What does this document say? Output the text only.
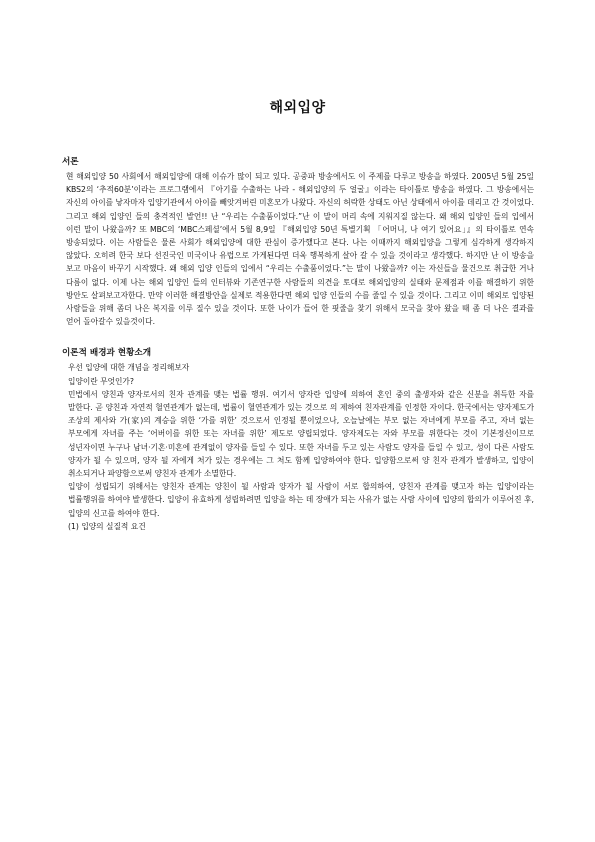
해외입양
서론

현 해외입양 50 사회에서 해외입양에 대해 이슈가 많이 되고 있다. 공중파 방송에서도 이 주제를 다루고 방송을 하였다. 2005년 5월 25일 KBS2의 ‘추적60분’이라는 프로그램에서 『아기를 수출하는 나라 - 해외입양의 두 얼굴』이라는 타이틀로 방송을 하였다. 그 방송에서는 자신의 아이를 낳자마자 입양기관에서 아이를 빼앗겨버린 미혼모가 나왔다. 자신의 허락한 상태도 아닌 상태에서 아이를 데리고 간 것이었다. 그리고 해외 입양인 들의 충격적인 발언!! 난 “우리는 수출품이었다.”난 이 말이 머리 속에 지워지질 않는다. 왜 해외 입양인 들의 입에서 이런 말이 나왔을까? 또 MBC의 ‘MBC스페셜’에서 5월 8,9일 『해외입양 50년 특별기획 「어머니, 나 여기 있어요」』의 타이틀로 연속 방송되었다. 이는 사람들은 물론 사회가 해외입양에 대한 관심이 증가했다고 본다. 나는 이때까지 해외입양을 그렇게 심각하게 생각하지 않았다. 오히려 한국 보다 선진국인 미국이나 유럽으로 가게된다면 더욱 행복하게 살아 갈 수 있을 것이라고 생각했다. 하지만 난 이 방송을 보고 마음이 바꾸기 시작했다. 왜 해외 입양 인들의 입에서 “우리는 수출품이었다.”는 말이 나왔을까? 이는 자신들을 물건으로 취급한 거나 다름이 없다. 이제 나는 해외 입양인 들의 인터뷰와 기존연구한 사람들의 의견을 토대로 해외입양의 실태와 문제점과 이를 해결하기 위한 방안도 살펴보고자한다. 만약 이러한 해결방안을 실제로 적용한다면 해외 입양 인들의 수를 줄일 수 있을 것이다. 그리고 이미 해외로 입양된 사람들을 위해 좀더 나은 복지를 이루 질수 있을 것이다. 또한 나이가 들어 한 핏줄을 찾기 위해서 모국을 찾아 왔을 때 좀 더 나은 결과를 얻어 돌아갈수 있을것이다.

이론적 배경과 현황소개

우선 입양에 대한 개념을 정리해보자

입양이란 무엇인가?

민법에서 양친과 양자로서의 친자 관계를 맺는 법률 행위. 여기서 양자란 입양에 의하여 혼인 중의 출생자와 같은 신분을 취득한 자를 말한다. 곧 양친과 자연적 혈연관계가 없는데, 법률이 혈연관계가 있는 것으로 의 제하여 친자관계를 인정한 자이다. 한국에서는 양자제도가 조상의 제사와 가(家)의 계승을 위한 ‘가를 위한’ 것으로서 인정될 뿐이었으나, 오늘날에는 부모 없는 자녀에게 부모를 주고, 자녀 없는 부모에게 자녀를 주는 ‘어버이를 위한 또는 자녀를 위한’ 제도로 양립되었다. 양자제도는 자와 부모를 위한다는 것이 기본정신이므로 성년자이면 누구나 남녀·기혼·미혼에 관계없이 양자를 들일 수 있다. 또한 자녀를 두고 있는 사람도 양자를 들일 수 있고, 성이 다른 사람도 양자가 될 수 있으며, 양자 될 자에게 처가 있는 경우에는 그 처도 함께 입양하여야 한다. 입양함으로써 양 친자 관계가 발생하고, 입양이 취소되거나 파양함으로써 양친자 관계가 소멸한다.

입양이 성립되기 위해서는 양친자 관계는 양친이 될 사람과 양자가 될 사람이 서로 합의하여, 양친자 관계를 맺고자 하는 입양이라는 법률행위를 하여야 발생한다. 입양이 유효하게 성립하려면 입양을 하는 데 장애가 되는 사유가 없는 사람 사이에 입양의 합의가 이루어진 후, 입양의 신고를 하여야 한다.

(1) 입양의 실질적 요건
